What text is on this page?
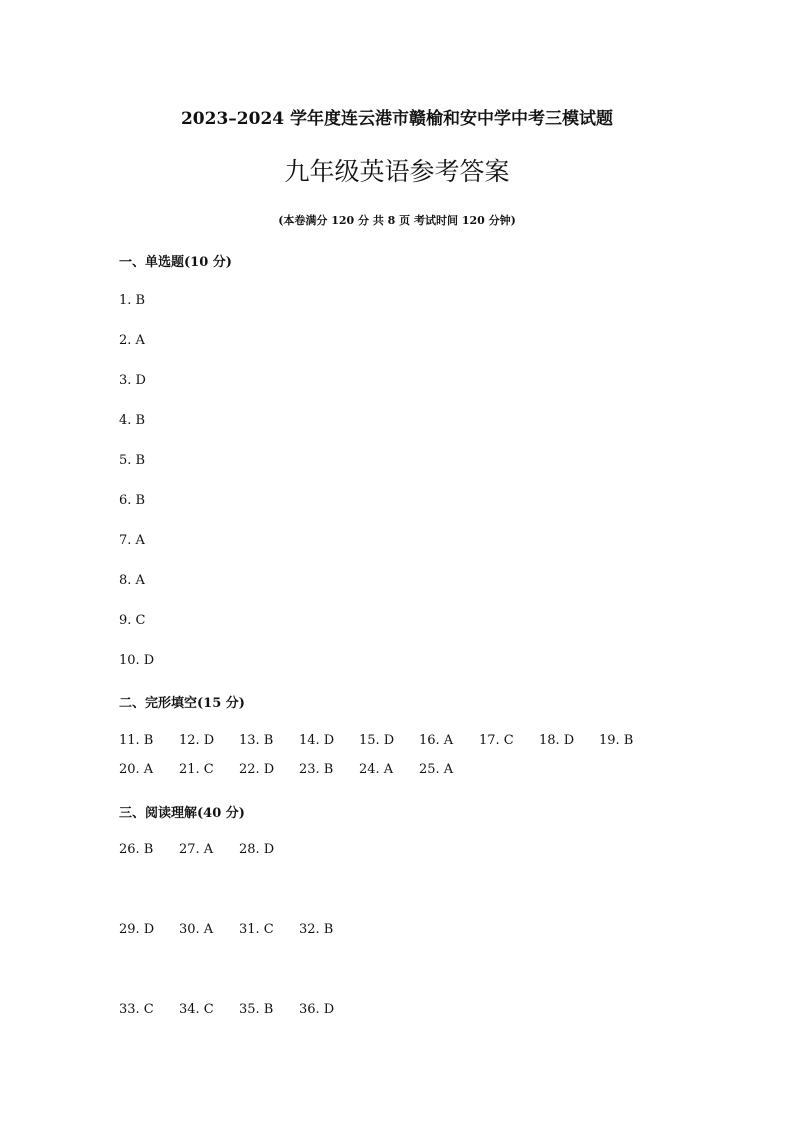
2023–2024 学年度连云港市赣榆和安中学中考三模试题
九年级英语参考答案
(本卷满分 120 分 共 8 页 考试时间 120 分钟)
一、单选题(10 分)
1. B
2. A
3. D
4. B
5. B
6. B
7. A
8. A
9. C
10. D
二、完形填空(15 分)
11. B	12. D	13. B	14. D	15. D	16. A	17. C	18. D	19. B
20. A	21. C	22. D	23. B	24. A	25. A
三、阅读理解(40 分)
26. B	27. A	28. D
29. D	30. A	31. C	32. B
33. C	34. C	35. B	36. D
